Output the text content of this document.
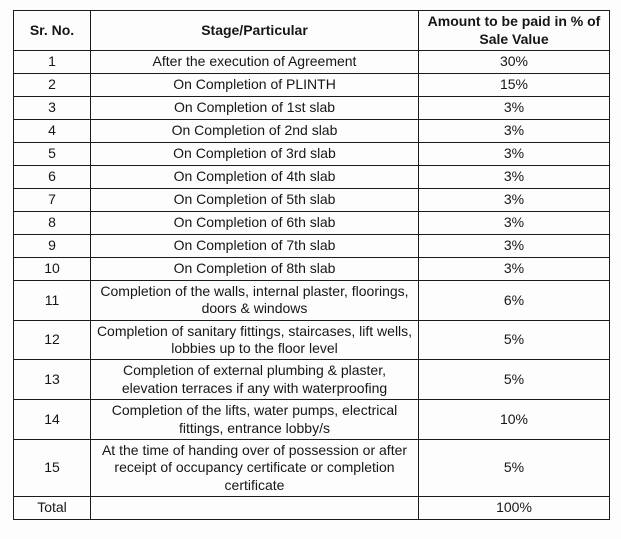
Sr. No.	Stage/Particular	Amount to be paid in % of Sale Value
1	After the execution of Agreement	30%
2	On Completion of PLINTH	15%
3	On Completion of 1st slab	3%
4	On Completion of 2nd slab	3%
5	On Completion of 3rd slab	3%
6	On Completion of 4th slab	3%
7	On Completion of 5th slab	3%
8	On Completion of 6th slab	3%
9	On Completion of 7th slab	3%
10	On Completion of 8th slab	3%
11	Completion of the walls, internal plaster, floorings, doors & windows	6%
12	Completion of sanitary fittings, staircases, lift wells, lobbies up to the floor level	5%
13	Completion of external plumbing & plaster, elevation terraces if any with waterproofing	5%
14	Completion of the lifts, water pumps, electrical fittings, entrance lobby/s	10%
15	At the time of handing over of possession or after receipt of occupancy certificate or completion certificate	5%
Total		100%
